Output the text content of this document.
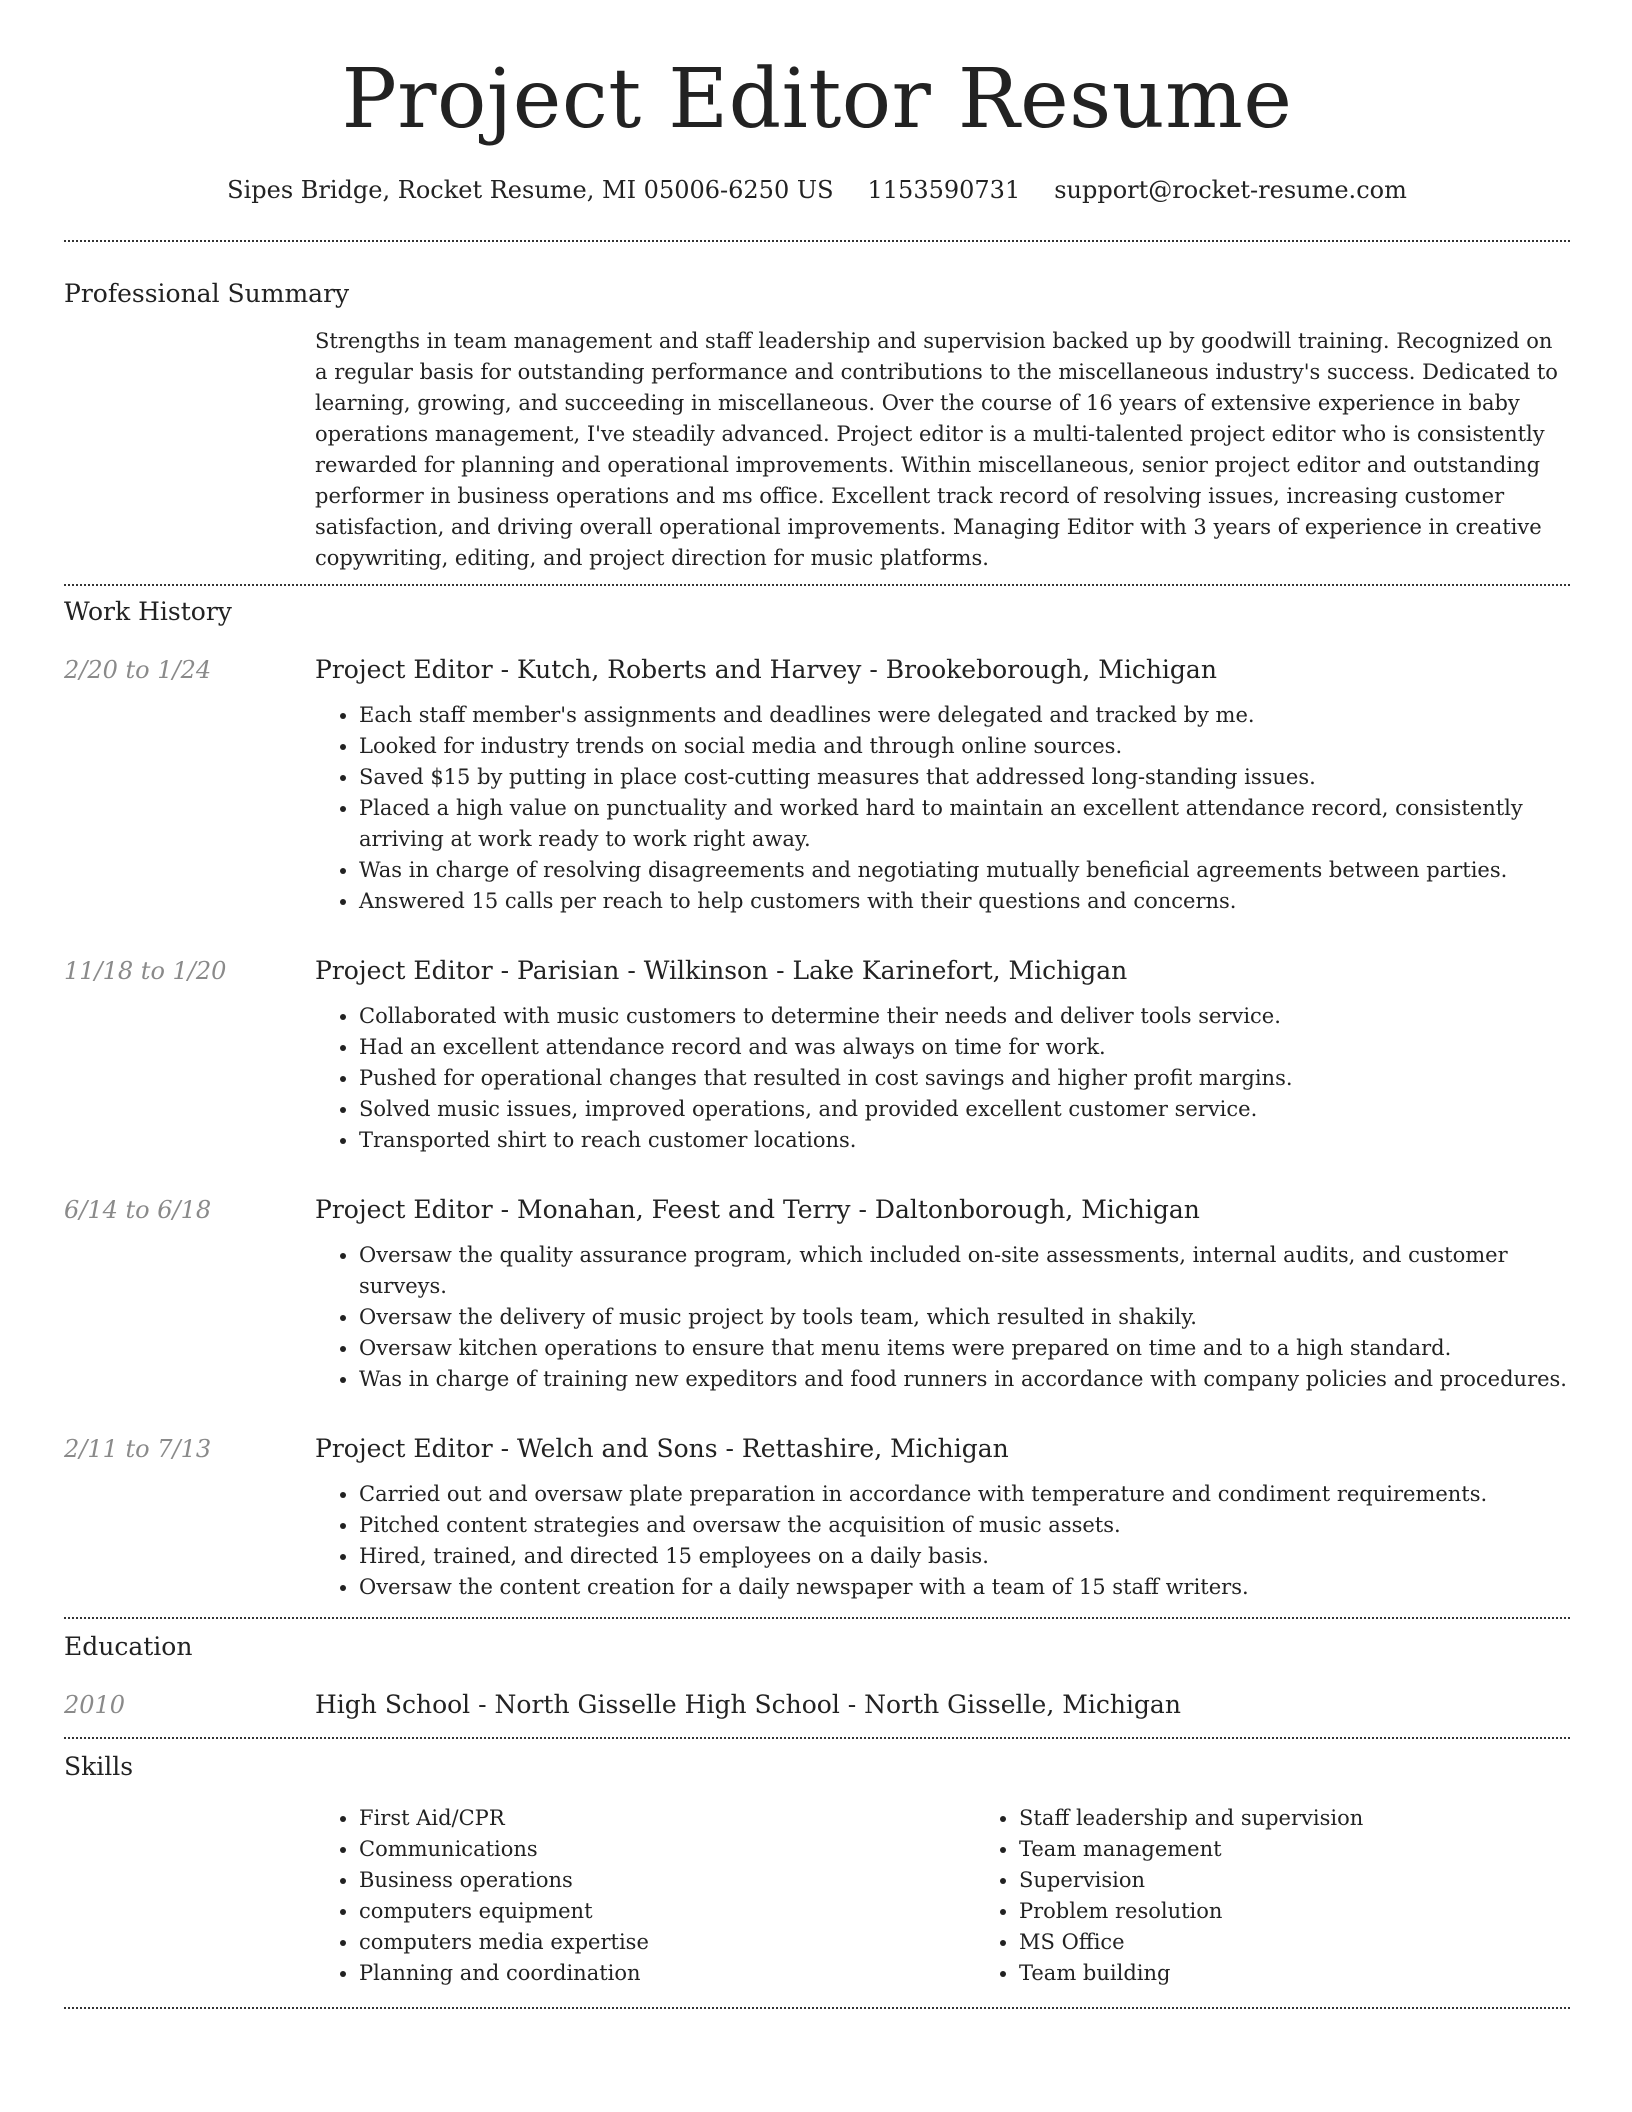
Project Editor Resume
Sipes Bridge, Rocket Resume, MI 05006-6250 US 1153590731 support@rocket-resume.com
Professional Summary

Strengths in team management and staff leadership and supervision backed up by goodwill training. Recognized on a regular basis for outstanding performance and contributions to the miscellaneous industry's success. Dedicated to learning, growing, and succeeding in miscellaneous. Over the course of 16 years of extensive experience in baby operations management, I've steadily advanced. Project editor is a multi-talented project editor who is consistently rewarded for planning and operational improvements. Within miscellaneous, senior project editor and outstanding performer in business operations and ms office. Excellent track record of resolving issues, increasing customer satisfaction, and driving overall operational improvements. Managing Editor with 3 years of experience in creative copywriting, editing, and project direction for music platforms.

Work History
2/20 to 1/24	Project Editor - Kutch, Roberts and Harvey - Brookeborough, Michigan
• Each staff member's assignments and deadlines were delegated and tracked by me.
• Looked for industry trends on social media and through online sources.
• Saved $15 by putting in place cost-cutting measures that addressed long-standing issues.
• Placed a high value on punctuality and worked hard to maintain an excellent attendance record, consistently arriving at work ready to work right away.
• Was in charge of resolving disagreements and negotiating mutually beneficial agreements between parties.
• Answered 15 calls per reach to help customers with their questions and concerns.
11/18 to 1/20	Project Editor - Parisian - Wilkinson - Lake Karinefort, Michigan
• Collaborated with music customers to determine their needs and deliver tools service.
• Had an excellent attendance record and was always on time for work.
• Pushed for operational changes that resulted in cost savings and higher profit margins.
• Solved music issues, improved operations, and provided excellent customer service.
• Transported shirt to reach customer locations.
6/14 to 6/18	Project Editor - Monahan, Feest and Terry - Daltonborough, Michigan
• Oversaw the quality assurance program, which included on-site assessments, internal audits, and customer surveys.
• Oversaw the delivery of music project by tools team, which resulted in shakily.
• Oversaw kitchen operations to ensure that menu items were prepared on time and to a high standard.
• Was in charge of training new expeditors and food runners in accordance with company policies and procedures.
2/11 to 7/13	Project Editor - Welch and Sons - Rettashire, Michigan
• Carried out and oversaw plate preparation in accordance with temperature and condiment requirements.
• Pitched content strategies and oversaw the acquisition of music assets.
• Hired, trained, and directed 15 employees on a daily basis.
• Oversaw the content creation for a daily newspaper with a team of 15 staff writers.
Education
2010	High School - North Gisselle High School - North Gisselle, Michigan
Skills
• First Aid/CPR
• Communications
• Business operations
• computers equipment
• computers media expertise
• Planning and coordination
• Staff leadership and supervision
• Team management
• Supervision
• Problem resolution
• MS Office
• Team building
